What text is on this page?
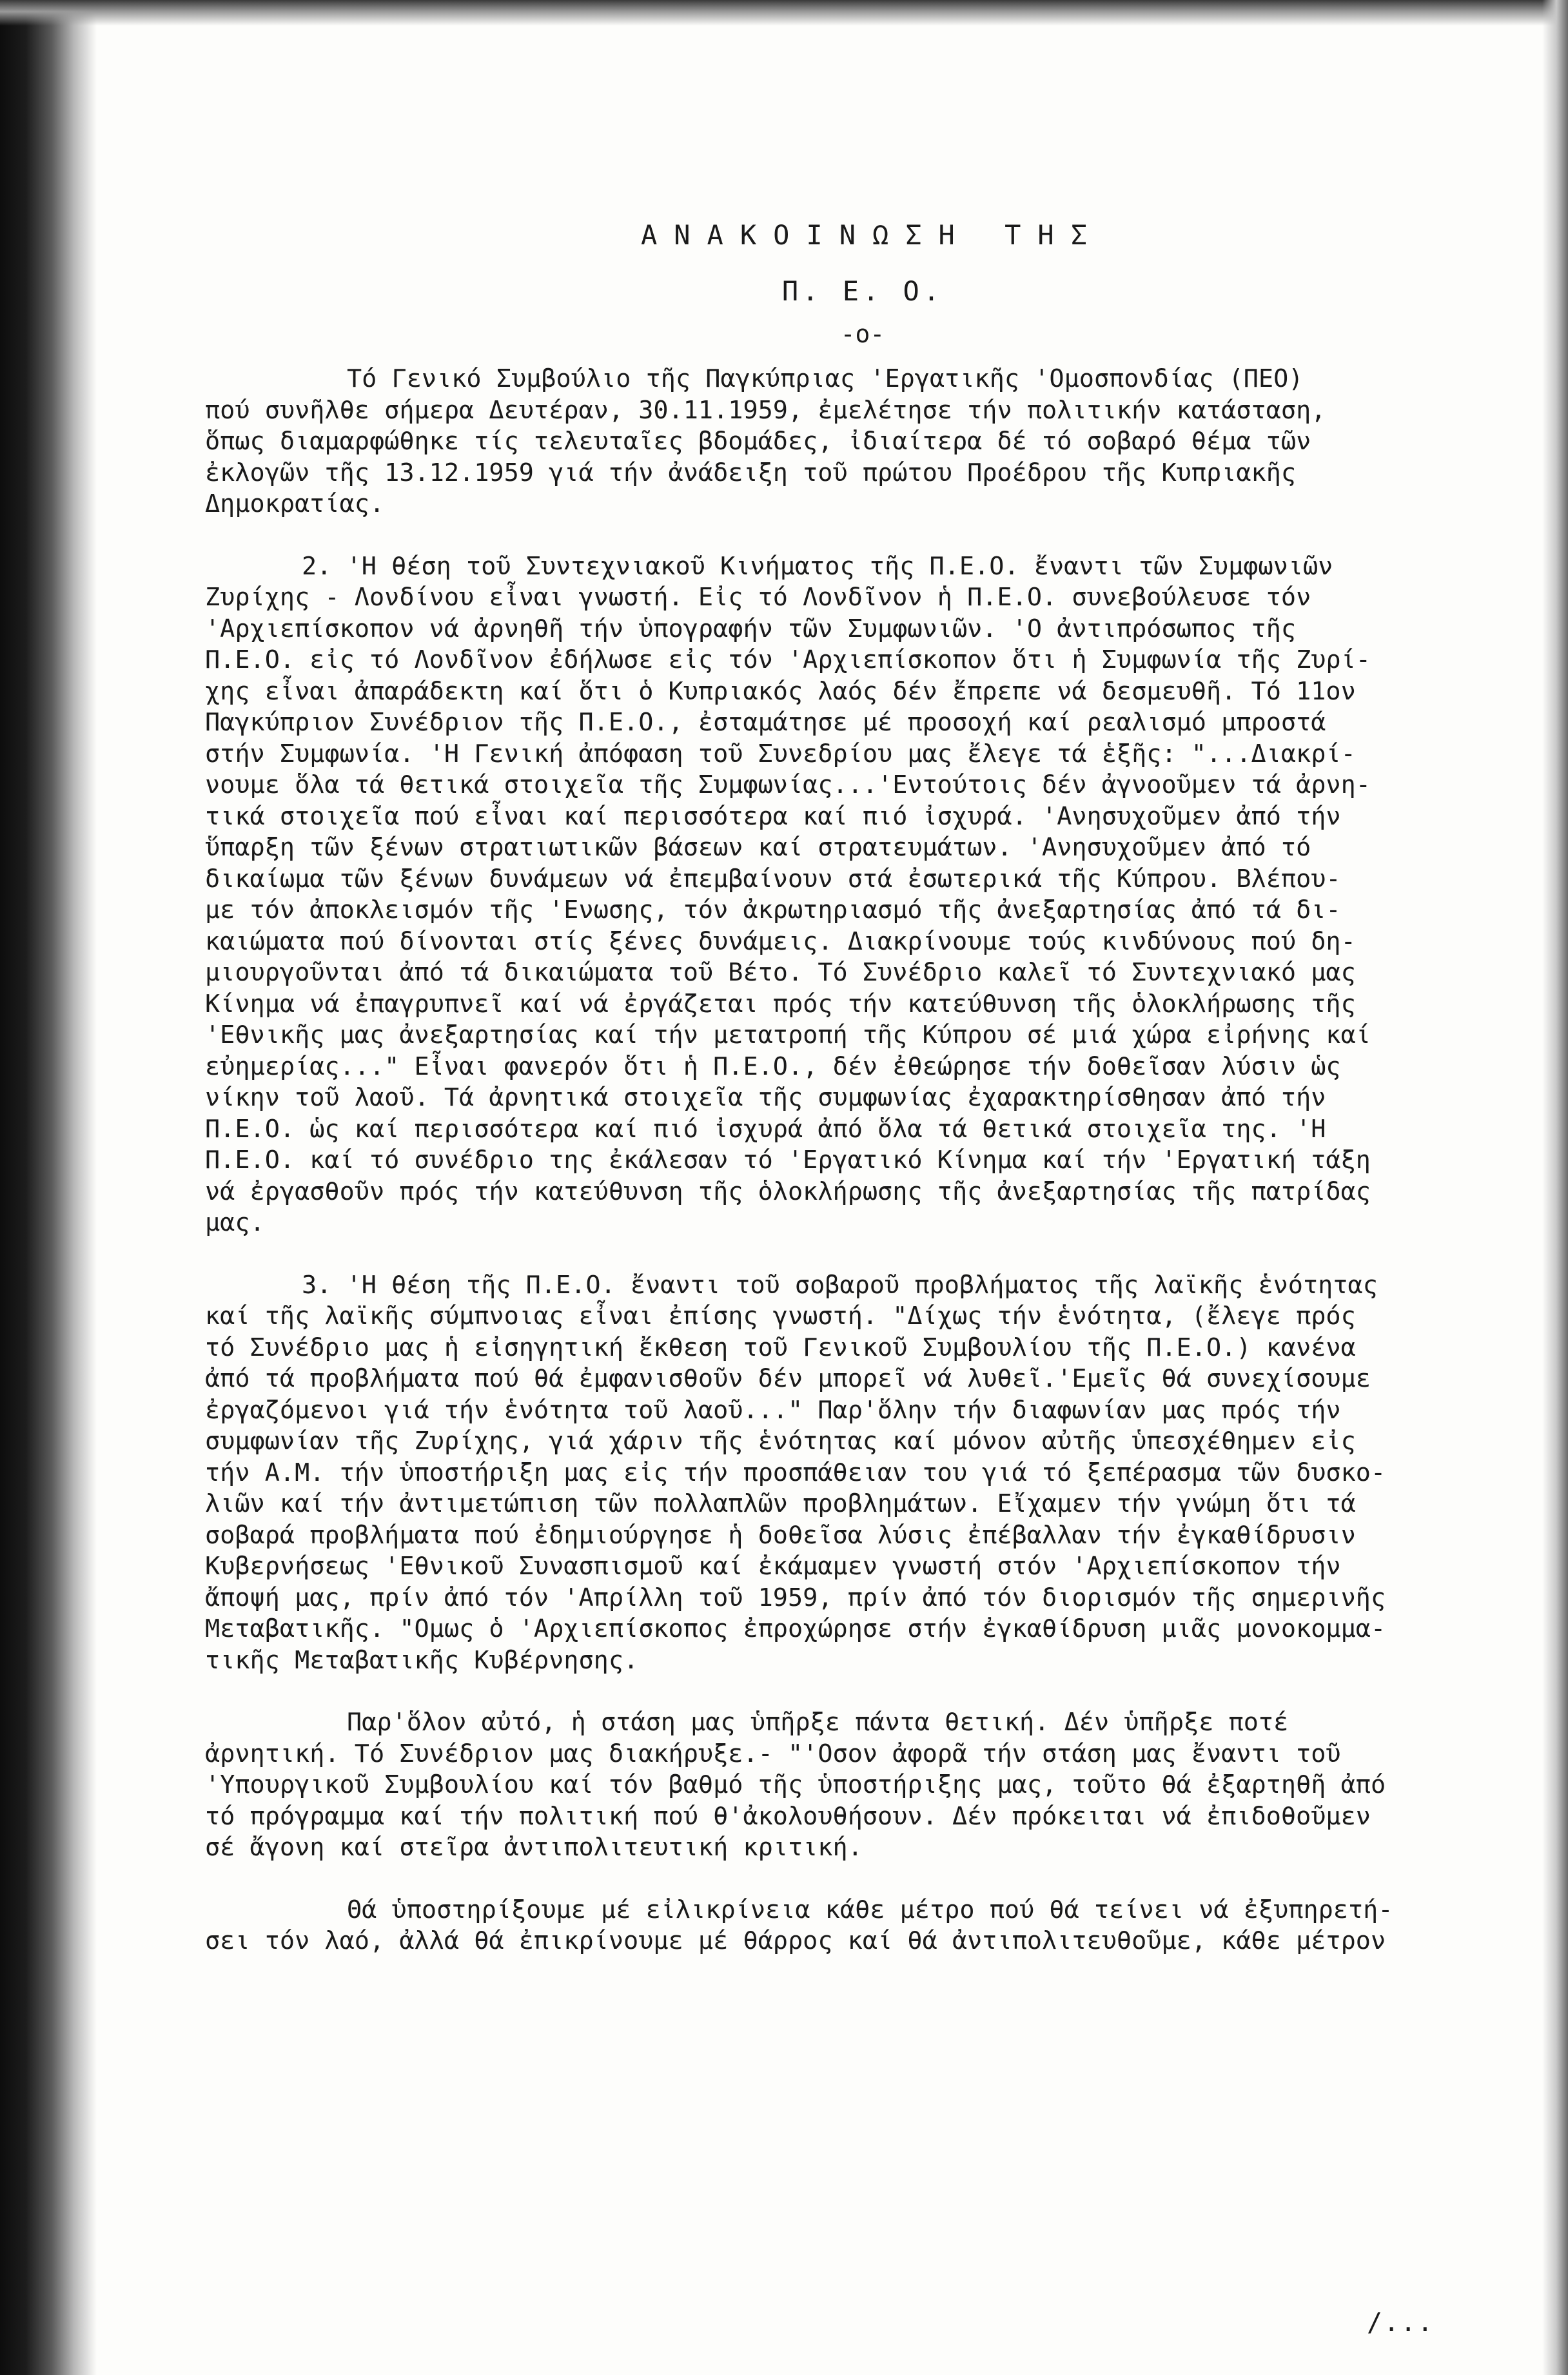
ΑΝΑΚΟΙΝΩΣΗ ΤΗΣ
Π. Ε. Ο.
-o-
Τό Γενικό Συμβούλιο τῆς Παγκύπριας 'Εργατικῆς 'Ομοσπονδίας (ΠΕΟ)
πού συνῆλθε σήμερα Δευτέραν, 30.11.1959, ἐμελέτησε τήν πολιτικήν κατάσταση,
ὅπως διαμαρφώθηκε τίς τελευταῖες βδομάδες, ἰδιαίτερα δέ τό σοβαρό θέμα τῶν
ἐκλογῶν τῆς 13.12.1959 γιά τήν ἀνάδειξη τοῦ πρώτου Προέδρου τῆς Κυπριακῆς
Δημοκρατίας.
2. 'Η θέση τοῦ Συντεχνιακοῦ Κινήματος τῆς Π.Ε.Ο. ἔναντι τῶν Συμφωνιῶν
Ζυρίχης - Λονδίνου εἶναι γνωστή. Εἰς τό Λονδῖνον ἡ Π.Ε.Ο. συνεβούλευσε τόν
'Αρχιεπίσκοπον νά ἀρνηθῆ τήν ὑπογραφήν τῶν Συμφωνιῶν. 'Ο ἀντιπρόσωπος τῆς
Π.Ε.Ο. εἰς τό Λονδῖνον ἐδήλωσε εἰς τόν 'Αρχιεπίσκοπον ὅτι ἡ Συμφωνία τῆς Ζυρί-
χης εἶναι ἀπαράδεκτη καί ὅτι ὁ Κυπριακός λαός δέν ἔπρεπε νά δεσμευθῆ. Τό 11ον
Παγκύπριον Συνέδριον τῆς Π.Ε.Ο., ἐσταμάτησε μέ προσοχή καί ρεαλισμό μπροστά
στήν Συμφωνία. 'Η Γενική ἀπόφαση τοῦ Συνεδρίου μας ἔλεγε τά ἑξῆς: "...Διακρί-
νουμε ὅλα τά θετικά στοιχεῖα τῆς Συμφωνίας...'Εντούτοις δέν ἀγνοοῦμεν τά ἀρνη-
τικά στοιχεῖα πού εἶναι καί περισσότερα καί πιό ἰσχυρά. 'Ανησυχοῦμεν ἀπό τήν
ὕπαρξη τῶν ξένων στρατιωτικῶν βάσεων καί στρατευμάτων. 'Ανησυχοῦμεν ἀπό τό
δικαίωμα τῶν ξένων δυνάμεων νά ἐπεμβαίνουν στά ἐσωτερικά τῆς Κύπρου. Βλέπου-
με τόν ἀποκλεισμόν τῆς 'Ενωσης, τόν ἀκρωτηριασμό τῆς ἀνεξαρτησίας ἀπό τά δι-
καιώματα πού δίνονται στίς ξένες δυνάμεις. Διακρίνουμε τούς κινδύνους πού δη-
μιουργοῦνται ἀπό τά δικαιώματα τοῦ Βέτο. Τό Συνέδριο καλεῖ τό Συντεχνιακό μας
Κίνημα νά ἐπαγρυπνεῖ καί νά ἐργάζεται πρός τήν κατεύθυνση τῆς ὁλοκλήρωσης τῆς
'Εθνικῆς μας ἀνεξαρτησίας καί τήν μετατροπή τῆς Κύπρου σέ μιά χώρα εἰρήνης καί
εὐημερίας..." Εἶναι φανερόν ὅτι ἡ Π.Ε.Ο., δέν ἐθεώρησε τήν δοθεῖσαν λύσιν ὡς
νίκην τοῦ λαοῦ. Τά ἀρνητικά στοιχεῖα τῆς συμφωνίας ἐχαρακτηρίσθησαν ἀπό τήν
Π.Ε.Ο. ὡς καί περισσότερα καί πιό ἰσχυρά ἀπό ὅλα τά θετικά στοιχεῖα της. 'Η
Π.Ε.Ο. καί τό συνέδριο της ἐκάλεσαν τό 'Εργατικό Κίνημα καί τήν 'Εργατική τάξη
νά ἐργασθοῦν πρός τήν κατεύθυνση τῆς ὁλοκλήρωσης τῆς ἀνεξαρτησίας τῆς πατρίδας
μας.
3. 'Η θέση τῆς Π.Ε.Ο. ἔναντι τοῦ σοβαροῦ προβλήματος τῆς λαϊκῆς ἑνότητας
καί τῆς λαϊκῆς σύμπνοιας εἶναι ἐπίσης γνωστή. "Δίχως τήν ἑνότητα, (ἔλεγε πρός
τό Συνέδριο μας ἡ εἰσηγητική ἔκθεση τοῦ Γενικοῦ Συμβουλίου τῆς Π.Ε.Ο.) κανένα
ἀπό τά προβλήματα πού θά ἐμφανισθοῦν δέν μπορεῖ νά λυθεῖ.'Εμεῖς θά συνεχίσουμε
ἐργαζόμενοι γιά τήν ἑνότητα τοῦ λαοῦ..." Παρ'ὅλην τήν διαφωνίαν μας πρός τήν
συμφωνίαν τῆς Ζυρίχης, γιά χάριν τῆς ἑνότητας καί μόνον αὐτῆς ὑπεσχέθημεν εἰς
τήν Α.Μ. τήν ὑποστήριξη μας εἰς τήν προσπάθειαν του γιά τό ξεπέρασμα τῶν δυσκο-
λιῶν καί τήν ἀντιμετώπιση τῶν πολλαπλῶν προβλημάτων. Εἴχαμεν τήν γνώμη ὅτι τά
σοβαρά προβλήματα πού ἐδημιούργησε ἡ δοθεῖσα λύσις ἐπέβαλλαν τήν ἐγκαθίδρυσιν
Κυβερνήσεως 'Εθνικοῦ Συνασπισμοῦ καί ἐκάμαμεν γνωστή στόν 'Αρχιεπίσκοπον τήν
ἄποψή μας, πρίν ἀπό τόν 'Απρίλλη τοῦ 1959, πρίν ἀπό τόν διορισμόν τῆς σημερινῆς
Μεταβατικῆς. "Ομως ὁ 'Αρχιεπίσκοπος ἐπροχώρησε στήν ἐγκαθίδρυση μιᾶς μονοκομμα-
τικῆς Μεταβατικῆς Κυβέρνησης.
Παρ'ὅλον αὐτό, ἡ στάση μας ὑπῆρξε πάντα θετική. Δέν ὑπῆρξε ποτέ
ἀρνητική. Τό Συνέδριον μας διακήρυξε.- "'Οσον ἀφορᾶ τήν στάση μας ἔναντι τοῦ
'Υπουργικοῦ Συμβουλίου καί τόν βαθμό τῆς ὑποστήριξης μας, τοῦτο θά ἐξαρτηθῆ ἀπό
τό πρόγραμμα καί τήν πολιτική πού θ'ἀκολουθήσουν. Δέν πρόκειται νά ἐπιδοθοῦμεν
σέ ἄγονη καί στεῖρα ἀντιπολιτευτική κριτική.
Θά ὑποστηρίξουμε μέ εἰλικρίνεια κάθε μέτρο πού θά τείνει νά ἐξυπηρετή-
σει τόν λαό, ἀλλά θά ἐπικρίνουμε μέ θάρρος καί θά ἀντιπολιτευθοῦμε, κάθε μέτρον
/...
